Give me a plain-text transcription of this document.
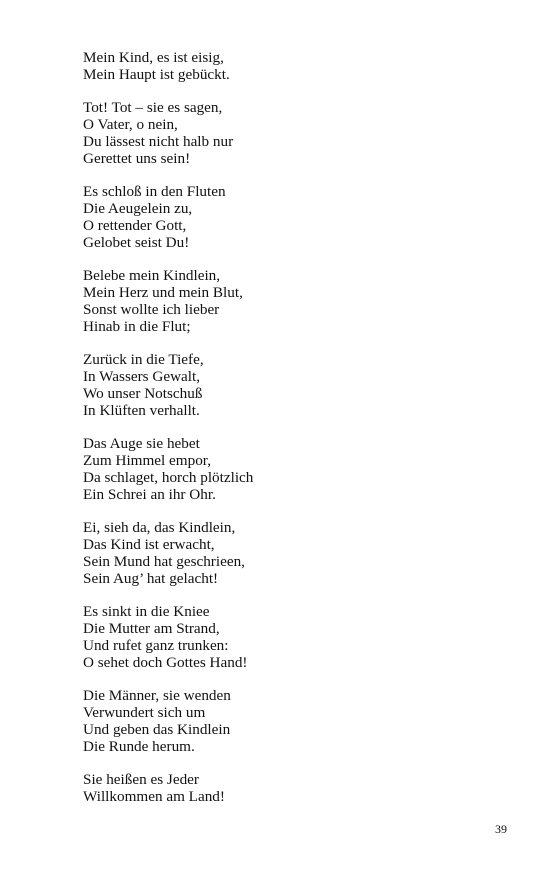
Mein Kind, es ist eisig,
Mein Haupt ist gebückt.
Tot! Tot – sie es sagen,
O Vater, o nein,
Du lässest nicht halb nur
Gerettet uns sein!
Es schloß in den Fluten
Die Aeugelein zu,
O rettender Gott,
Gelobet seist Du!
Belebe mein Kindlein,
Mein Herz und mein Blut,
Sonst wollte ich lieber
Hinab in die Flut;
Zurück in die Tiefe,
In Wassers Gewalt,
Wo unser Notschuß
In Klüften verhallt.
Das Auge sie hebet
Zum Himmel empor,
Da schlaget, horch plötzlich
Ein Schrei an ihr Ohr.
Ei, sieh da, das Kindlein,
Das Kind ist erwacht,
Sein Mund hat geschrieen,
Sein Aug’ hat gelacht!
Es sinkt in die Kniee
Die Mutter am Strand,
Und rufet ganz trunken:
O sehet doch Gottes Hand!
Die Männer, sie wenden
Verwundert sich um
Und geben das Kindlein
Die Runde herum.
Sie heißen es Jeder
Willkommen am Land!
39
